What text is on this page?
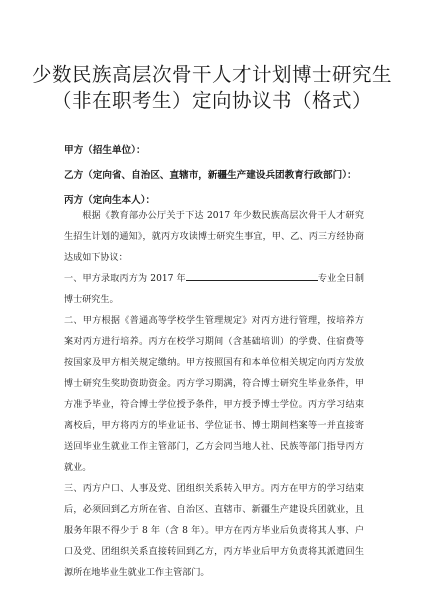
少数民族高层次骨干人才计划博士研究生
（非在职考生）定向协议书（格式）
甲方（招生单位）：
乙方（定向省、自治区、直辖市，新疆生产建设兵团教育行政部门）：
丙方（定向生本人）：

根据《教育部办公厅关于下达 2017 年少数民族高层次骨干人才研究生招生计划的通知》，就丙方攻读博士研究生事宜，甲、乙、丙三方经协商达成如下协议：

一、甲方录取丙方为 2017 年	专业全日制博士研究生。

二、甲方根据《普通高等学校学生管理规定》对丙方进行管理，按培养方案对丙方进行培养。丙方在校学习期间（含基础培训）的学费、住宿费等按国家及甲方相关规定缴纳。甲方按照国有和本单位相关规定向丙方发放博士研究生奖助资助资金。丙方学习期满，符合博士研究生毕业条件，甲方准予毕业，符合博士学位授予条件，甲方授予博士学位。丙方学习结束离校后，甲方将丙方的毕业证书、学位证书、博士期间档案等一并直接寄送回毕业生就业工作主管部门，乙方会同当地人社、民族等部门指导丙方就业。

三、丙方户口、人事及党、团组织关系转入甲方。丙方在甲方的学习结束后，必须回到乙方所在省、自治区、直辖市、新疆生产建设兵团就业，且服务年限不得少于 8 年（含 8 年）。甲方在丙方毕业后负责将其人事、户口及党、团组织关系直接转回到乙方，丙方毕业后甲方负责将其派遣回生源所在地毕业生就业工作主管部门。
